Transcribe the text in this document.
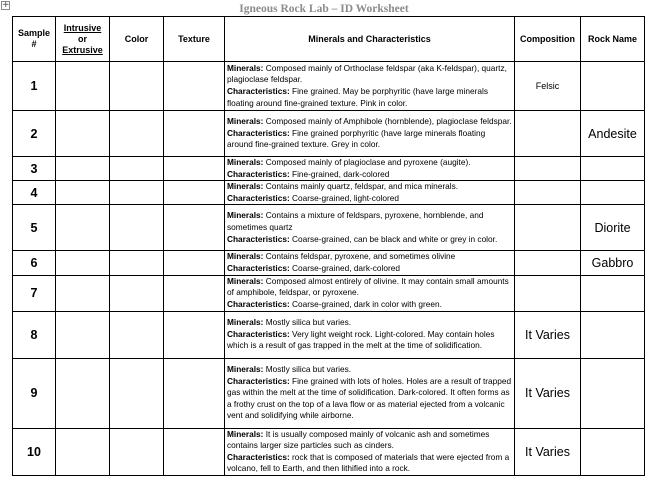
+	Igneous Rock Lab – ID Worksheet
Sample
#	Intrusive
or
Extrusive	Color	Texture	Minerals and Characteristics	Composition	Rock Name
1				Minerals: Composed mainly of Orthoclase feldspar (aka K-feldspar), quartz, plagioclase feldspar.
Characteristics: Fine grained. May be porphyritic (have large minerals floating around fine-grained texture. Pink in color.	Felsic	
2				Minerals: Composed mainly of Amphibole (hornblende), plagioclase feldspar.
Characteristics: Fine grained porphyritic (have large minerals floating around fine-grained texture. Grey in color.		Andesite
3				Minerals: Composed mainly of plagioclase and pyroxene (augite).
Characteristics: Fine-grained, dark-colored		
4				Minerals: Contains mainly quartz, feldspar, and mica minerals.
Characteristics: Coarse-grained, light-colored		
5				Minerals: Contains a mixture of feldspars, pyroxene, hornblende, and sometimes quartz
Characteristics: Coarse-grained, can be black and white or grey in color.		Diorite
6				Minerals: Contains feldspar, pyroxene, and sometimes olivine
Characteristics: Coarse-grained, dark-colored		Gabbro
7				Minerals: Composed almost entirely of olivine. It may contain small amounts of amphibole, feldspar, or pyroxene.
Characteristics: Coarse-grained, dark in color with green.		
8				Minerals: Mostly silica but varies.
Characteristics: Very light weight rock. Light-colored. May contain holes which is a result of gas trapped in the melt at the time of solidification.	It Varies	
9				Minerals: Mostly silica but varies.
Characteristics: Fine grained with lots of holes. Holes are a result of trapped gas within the melt at the time of solidification. Dark-colored. It often forms as a frothy crust on the top of a lava flow or as material ejected from a volcanic vent and solidifying while airborne.	It Varies	
10				Minerals: It is usually composed mainly of volcanic ash and sometimes contains larger size particles such as cinders.
Characteristics: rock that is composed of materials that were ejected from a volcano, fell to Earth, and then lithified into a rock.	It Varies	
